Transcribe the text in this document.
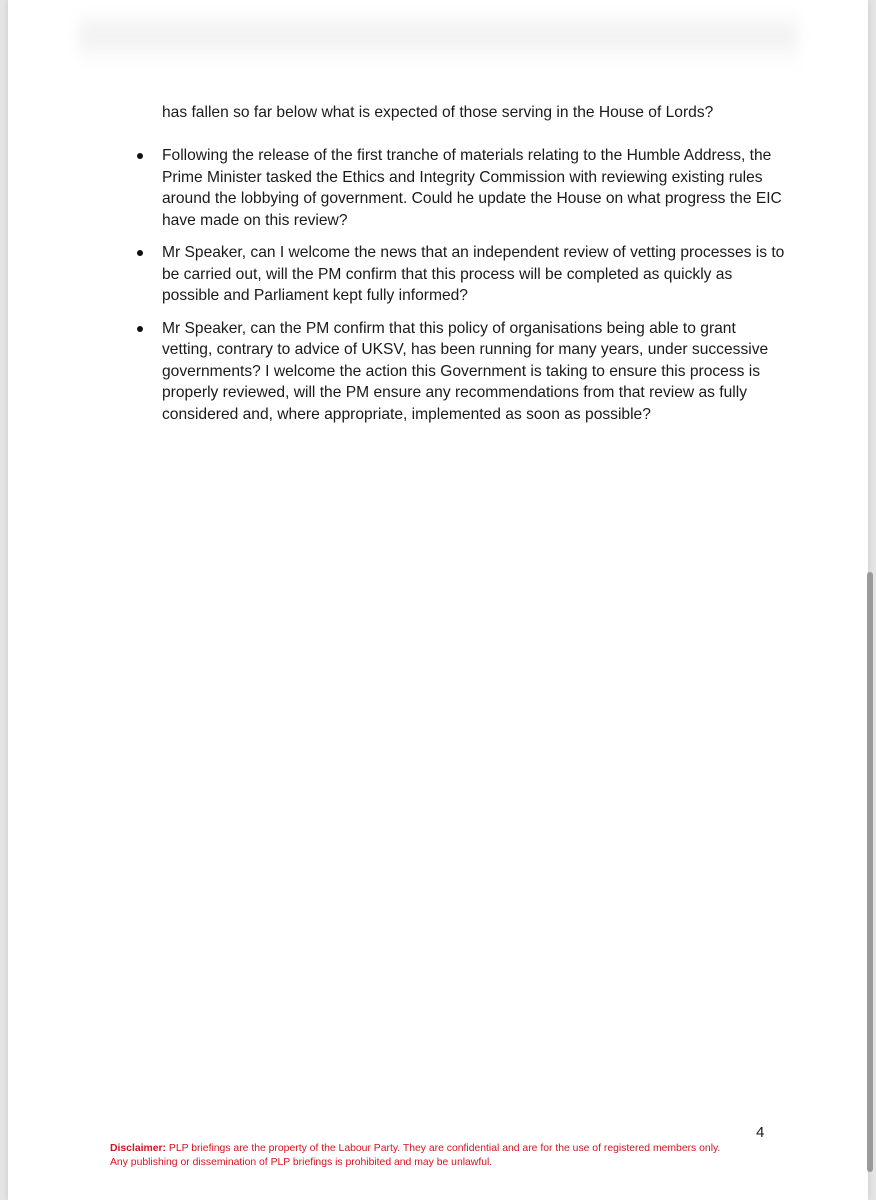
has fallen so far below what is expected of those serving in the House of Lords?

Following the release of the first tranche of materials relating to the Humble Address, the Prime Minister tasked the Ethics and Integrity Commission with reviewing existing rules around the lobbying of government. Could he update the House on what progress the EIC have made on this review?
Mr Speaker, can I welcome the news that an independent review of vetting processes is to be carried out, will the PM confirm that this process will be completed as quickly as possible and Parliament kept fully informed?
Mr Speaker, can the PM confirm that this policy of organisations being able to grant vetting, contrary to advice of UKSV, has been running for many years, under successive governments? I welcome the action this Government is taking to ensure this process is properly reviewed, will the PM ensure any recommendations from that review as fully considered and, where appropriate, implemented as soon as possible?
4
Disclaimer: PLP briefings are the property of the Labour Party. They are confidential and are for the use of registered members only.
Any publishing or dissemination of PLP briefings is prohibited and may be unlawful.
